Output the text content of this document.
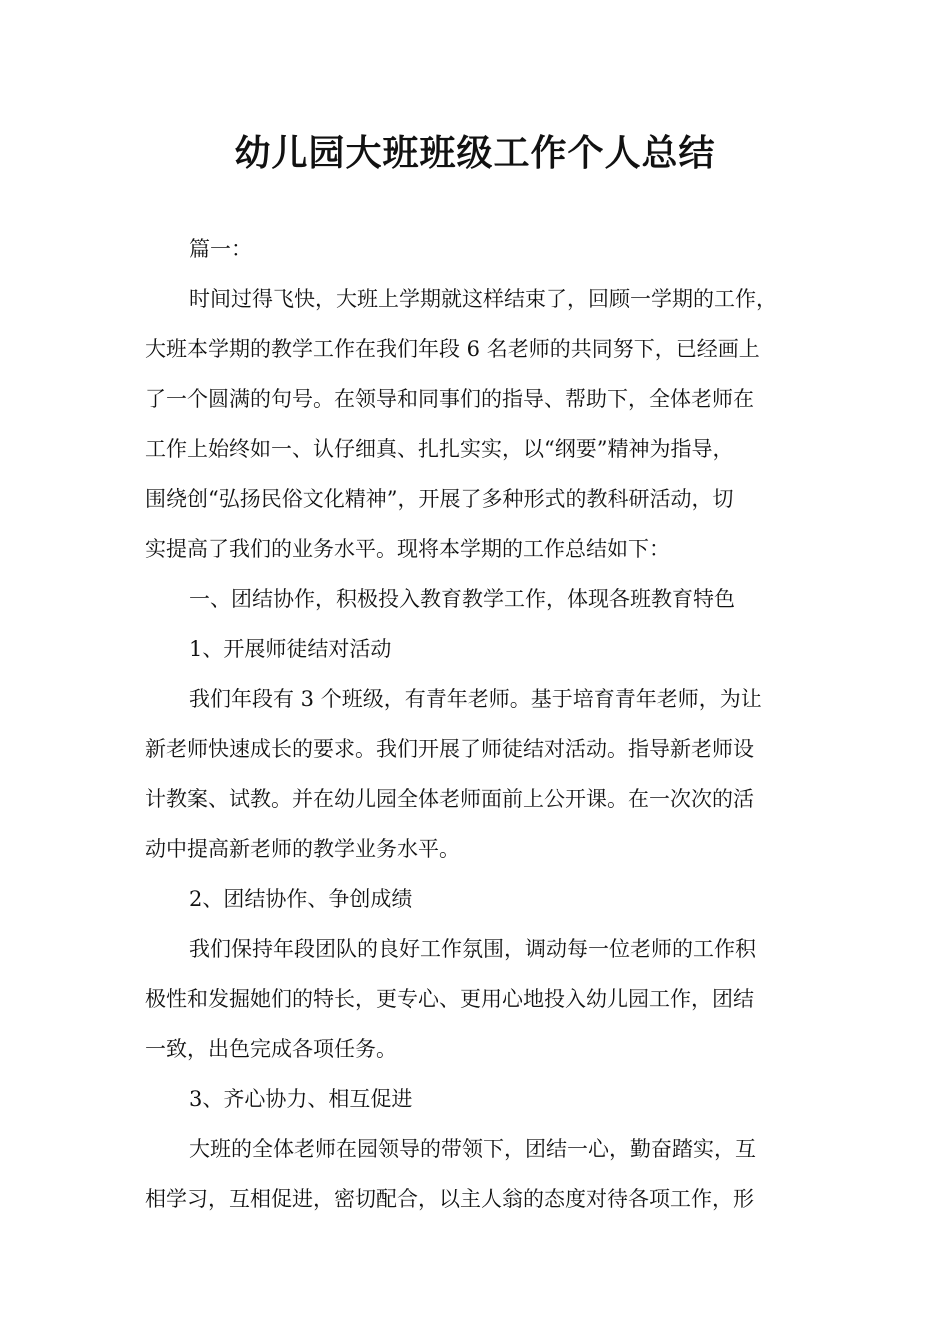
幼儿园大班班级工作个人总结

篇一：

时间过得飞快，大班上学期就这样结束了，回顾一学期的工作，

大班本学期的教学工作在我们年段 6 名老师的共同努下，已经画上

了一个圆满的句号。在领导和同事们的指导、帮助下，全体老师在

工作上始终如一、认仔细真、扎扎实实，以“纲要”精神为指导，

围绕创“弘扬民俗文化精神”，开展了多种形式的教科研活动，切

实提高了我们的业务水平。现将本学期的工作总结如下：

一、团结协作，积极投入教育教学工作，体现各班教育特色

1、开展师徒结对活动

我们年段有 3 个班级，有青年老师。基于培育青年老师，为让

新老师快速成长的要求。我们开展了师徒结对活动。指导新老师设

计教案、试教。并在幼儿园全体老师面前上公开课。在一次次的活

动中提高新老师的教学业务水平。

2、团结协作、争创成绩

我们保持年段团队的良好工作氛围，调动每一位老师的工作积

极性和发掘她们的特长，更专心、更用心地投入幼儿园工作，团结

一致，出色完成各项任务。

3、齐心协力、相互促进

大班的全体老师在园领导的带领下，团结一心，勤奋踏实，互

相学习，互相促进，密切配合，以主人翁的态度对待各项工作，形
